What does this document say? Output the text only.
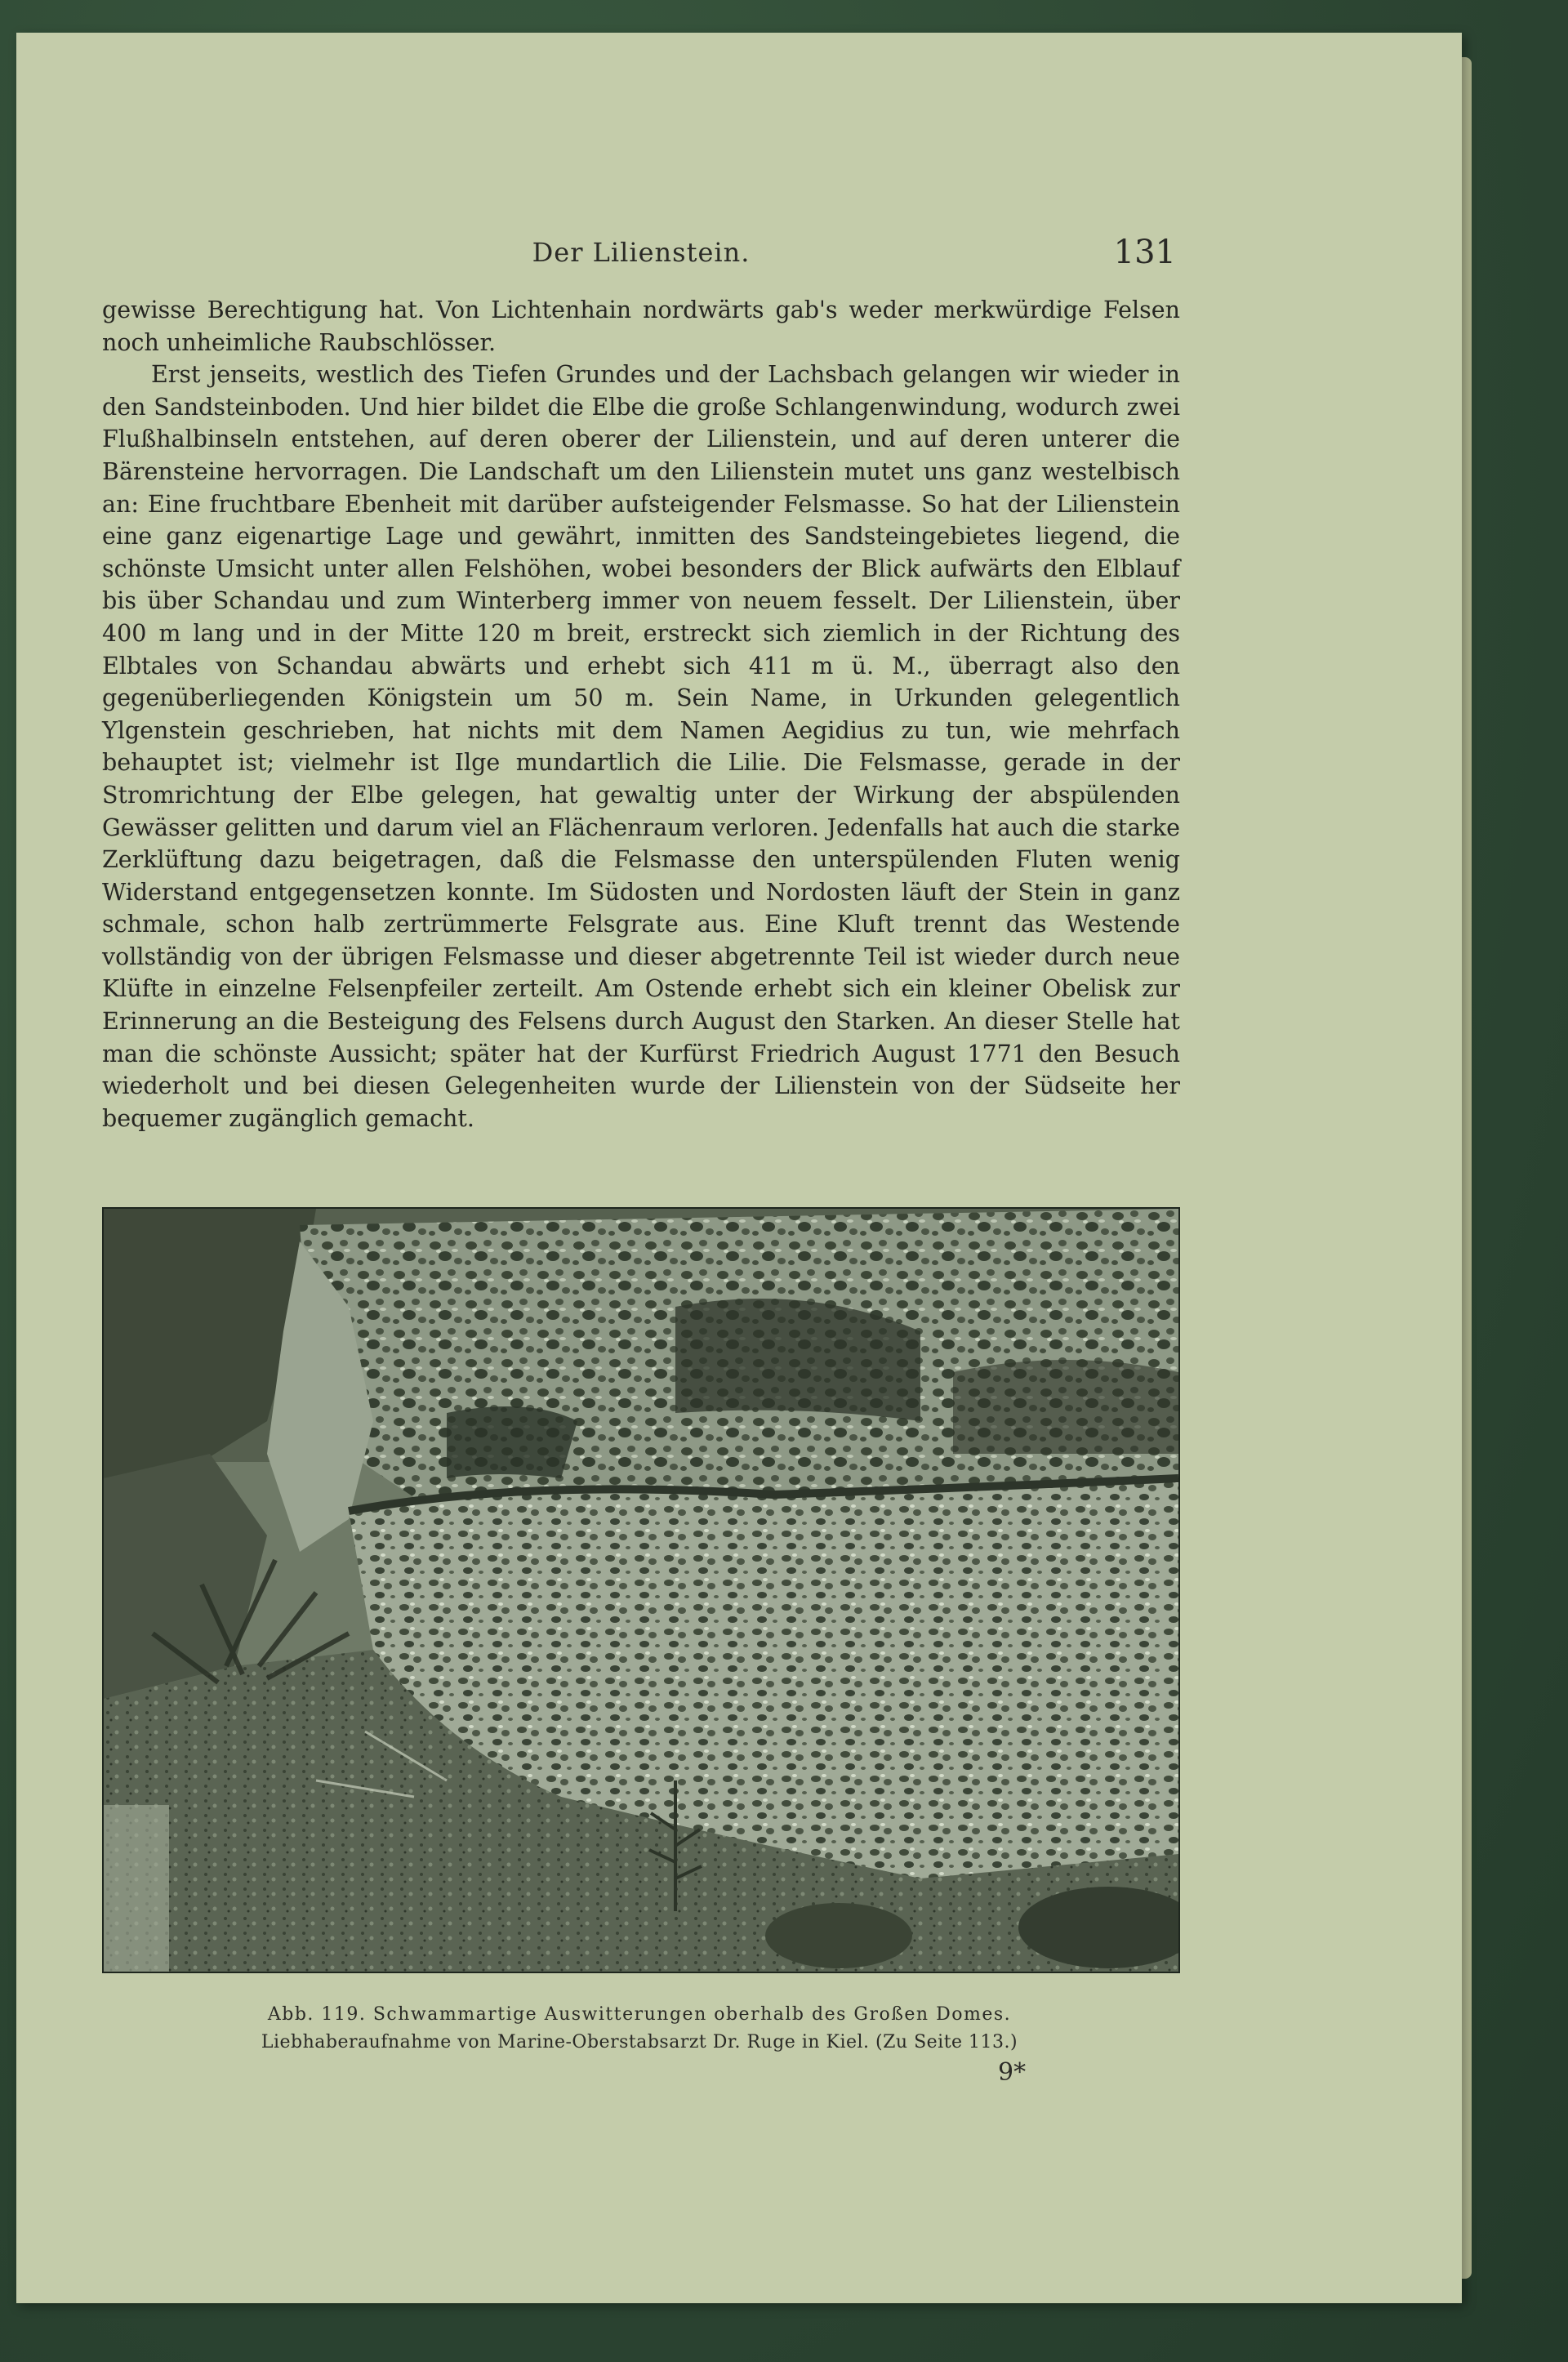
Der Lilienstein.	131

gewisse Berechtigung hat. Von Lichtenhain nordwärts gab's weder merkwürdige Felsen noch unheimliche Raubschlösser.

Erst jenseits, westlich des Tiefen Grundes und der Lachsbach gelangen wir wieder in den Sandsteinboden. Und hier bildet die Elbe die große Schlangenwindung, wodurch zwei Flußhalbinseln entstehen, auf deren oberer der Lilienstein, und auf deren unterer die Bärensteine hervorragen. Die Landschaft um den Lilienstein mutet uns ganz westelbisch an: Eine fruchtbare Ebenheit mit darüber aufsteigender Felsmasse. So hat der Lilienstein eine ganz eigenartige Lage und gewährt, inmitten des Sandsteingebietes liegend, die schönste Umsicht unter allen Felshöhen, wobei besonders der Blick aufwärts den Elblauf bis über Schandau und zum Winterberg immer von neuem fesselt. Der Lilienstein, über 400 m lang und in der Mitte 120 m breit, erstreckt sich ziemlich in der Richtung des Elbtales von Schandau abwärts und erhebt sich 411 m ü. M., überragt also den gegenüberliegenden Königstein um 50 m. Sein Name, in Urkunden gelegentlich Ylgenstein geschrieben, hat nichts mit dem Namen Aegidius zu tun, wie mehrfach behauptet ist; vielmehr ist Ilge mundartlich die Lilie. Die Felsmasse, gerade in der Stromrichtung der Elbe gelegen, hat gewaltig unter der Wirkung der abspülenden Gewässer gelitten und darum viel an Flächenraum verloren. Jedenfalls hat auch die starke Zerklüftung dazu beigetragen, daß die Felsmasse den unterspülenden Fluten wenig Widerstand entgegensetzen konnte. Im Südosten und Nordosten läuft der Stein in ganz schmale, schon halb zertrümmerte Felsgrate aus. Eine Kluft trennt das Westende vollständig von der übrigen Felsmasse und dieser abgetrennte Teil ist wieder durch neue Klüfte in einzelne Felsenpfeiler zerteilt. Am Ostende erhebt sich ein kleiner Obelisk zur Erinnerung an die Besteigung des Felsens durch August den Starken. An dieser Stelle hat man die schönste Aussicht; später hat der Kurfürst Friedrich August 1771 den Besuch wiederholt und bei diesen Gelegenheiten wurde der Lilienstein von der Südseite her bequemer zugänglich gemacht.

Abb. 119. Schwammartige Auswitterungen oberhalb des Großen Domes.
Liebhaberaufnahme von Marine-Oberstabsarzt Dr. Ruge in Kiel. (Zu Seite 113.)
9*
